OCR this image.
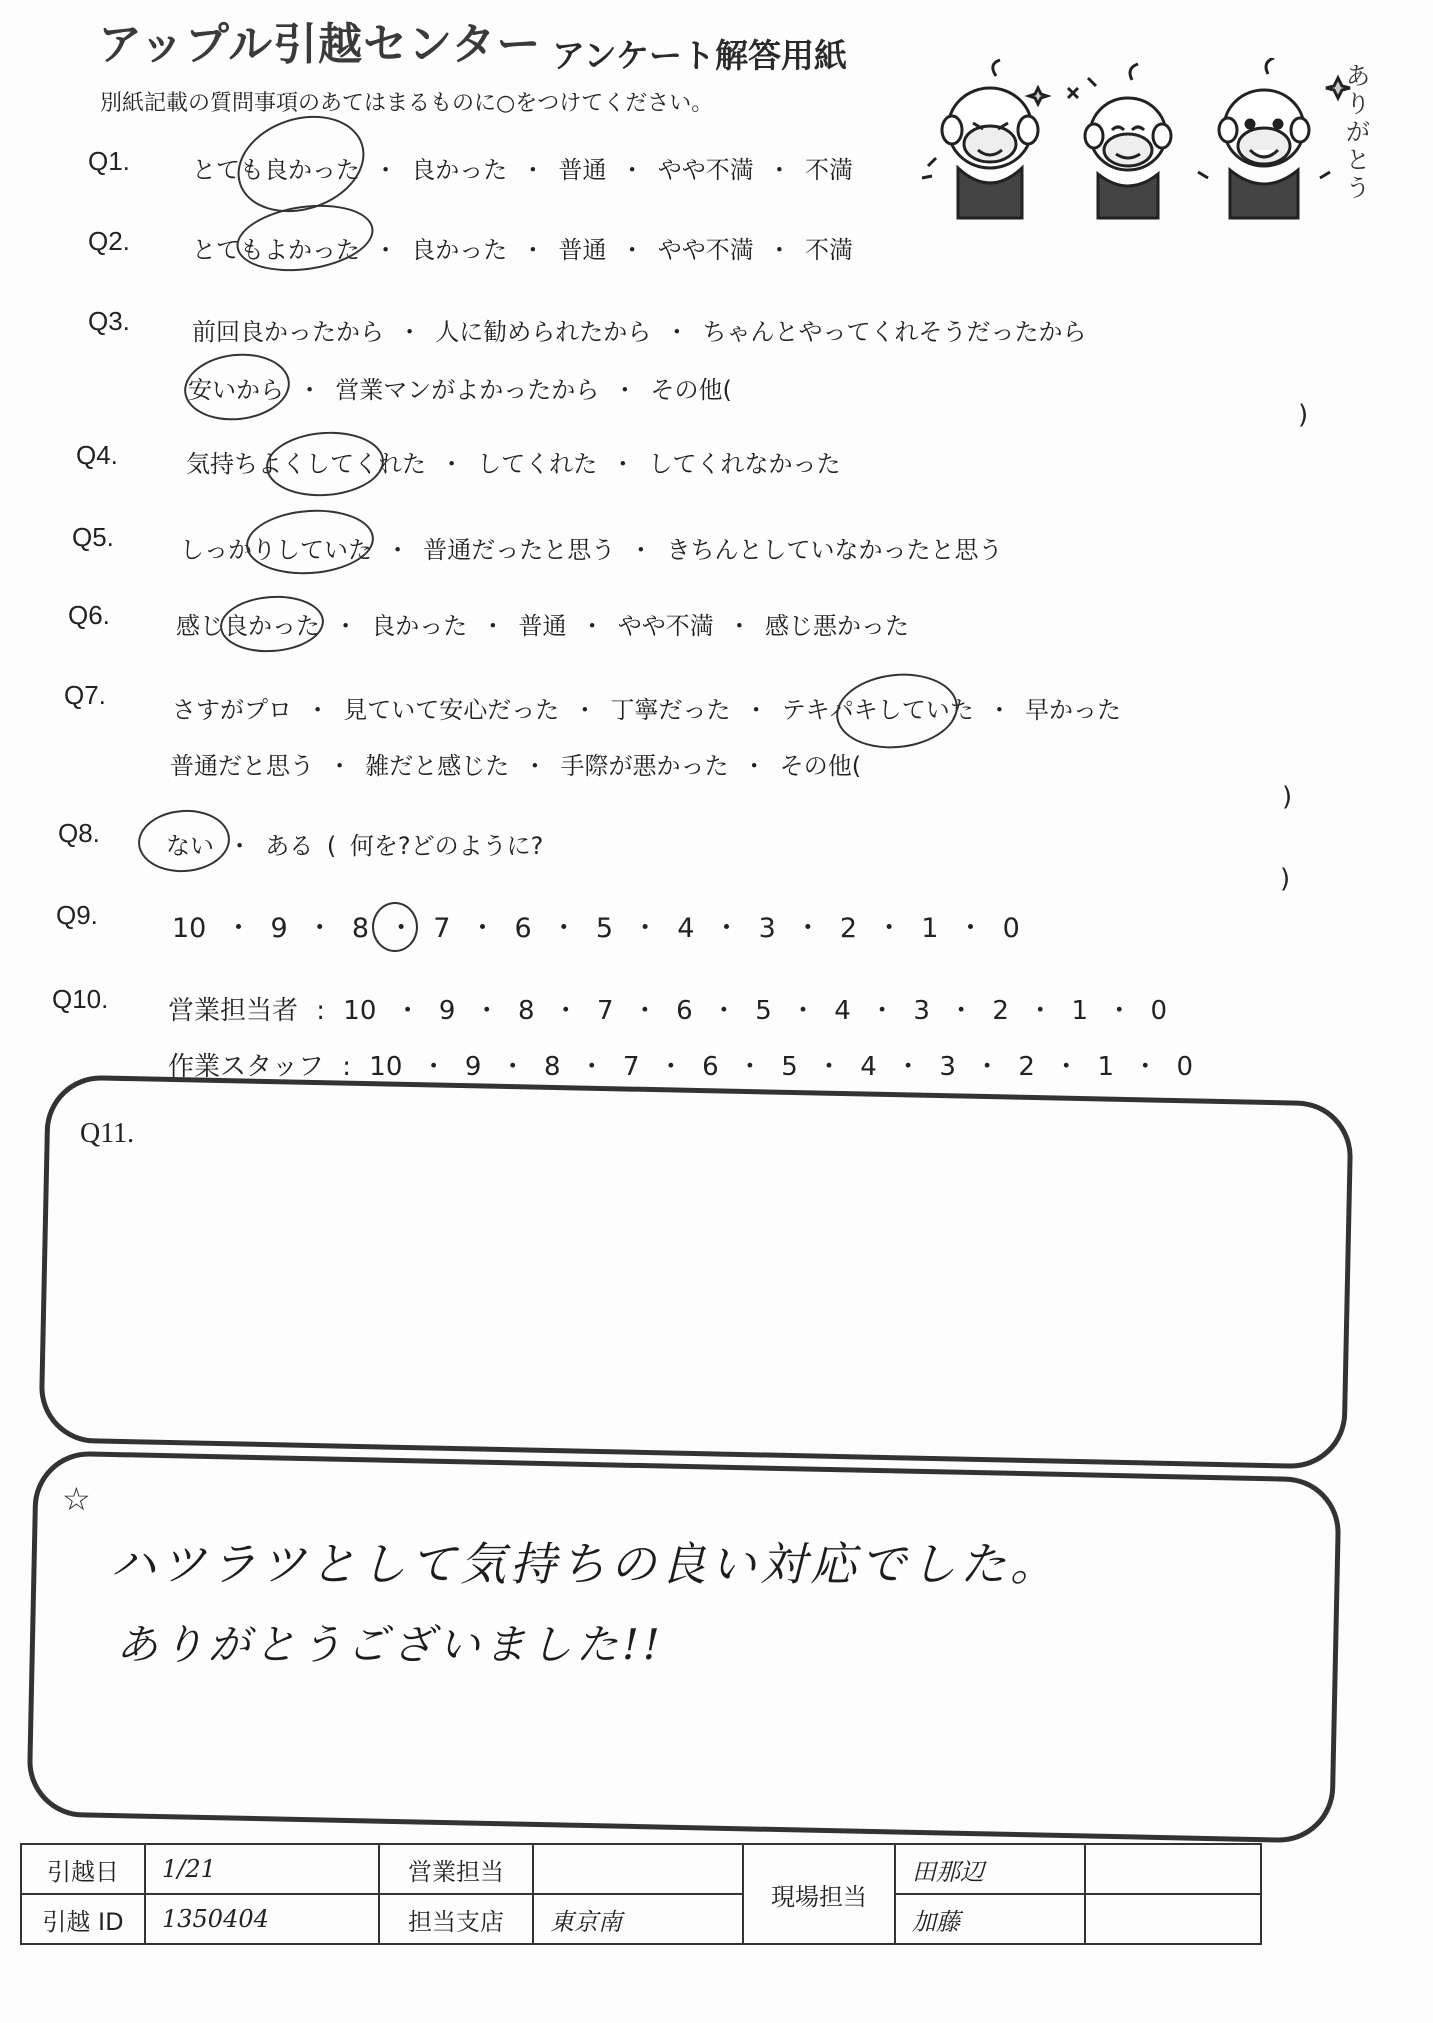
アップル引越センター アンケート解答用紙
別紙記載の質問事項のあてはまるものに○をつけてください。
ありがとう
Q1.	とても良かった ・ 良かった ・ 普通 ・ やや不満 ・ 不満
Q2.	とてもよかった ・ 良かった ・ 普通 ・ やや不満 ・ 不満
Q3.	前回良かったから ・ 人に勧められたから ・ ちゃんとやってくれそうだったから
安いから ・ 営業マンがよかったから ・ その他(
)
Q4.	気持ちよくしてくれた ・ してくれた ・ してくれなかった
Q5.	しっかりしていた ・ 普通だったと思う ・ きちんとしていなかったと思う
Q6.	感じ良かった ・ 良かった ・ 普通 ・ やや不満 ・ 感じ悪かった
Q7.	さすがプロ ・ 見ていて安心だった ・ 丁寧だった ・ テキパキしていた ・ 早かった
普通だと思う ・ 雑だと感じた ・ 手際が悪かった ・ その他(
)
Q8.	ない ・ ある ( 何を?どのように?
)
Q9.	10 ・ 9 ・ 8 ・ 7 ・ 6 ・ 5 ・ 4 ・ 3 ・ 2 ・ 1 ・ 0
Q10. 営業担当者 : 10 ・ 9 ・ 8 ・ 7 ・ 6 ・ 5 ・ 4 ・ 3 ・ 2 ・ 1 ・ 0
作業スタッフ : 10 ・ 9 ・ 8 ・ 7 ・ 6 ・ 5 ・ 4 ・ 3 ・ 2 ・ 1 ・ 0
Q11.
☆
ハツラツとして気持ちの良い対応でした。
ありがとうございました!!
引越日	1/21	営業担当		現場担当	田那辺	
引越 ID	1350404	担当支店	東京南		加藤	
